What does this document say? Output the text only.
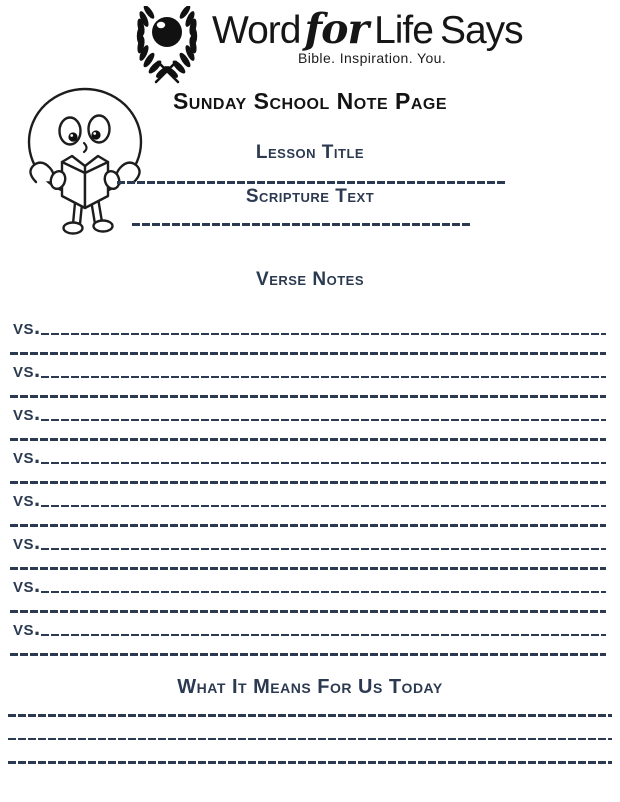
Word for Life Says
Bible. Inspiration. You.
Sunday School Note Page
Lesson Title
Scripture Text
Verse Notes
vs.
vs.
vs.
vs.
vs.
vs.
vs.
vs.
What It Means For Us Today
